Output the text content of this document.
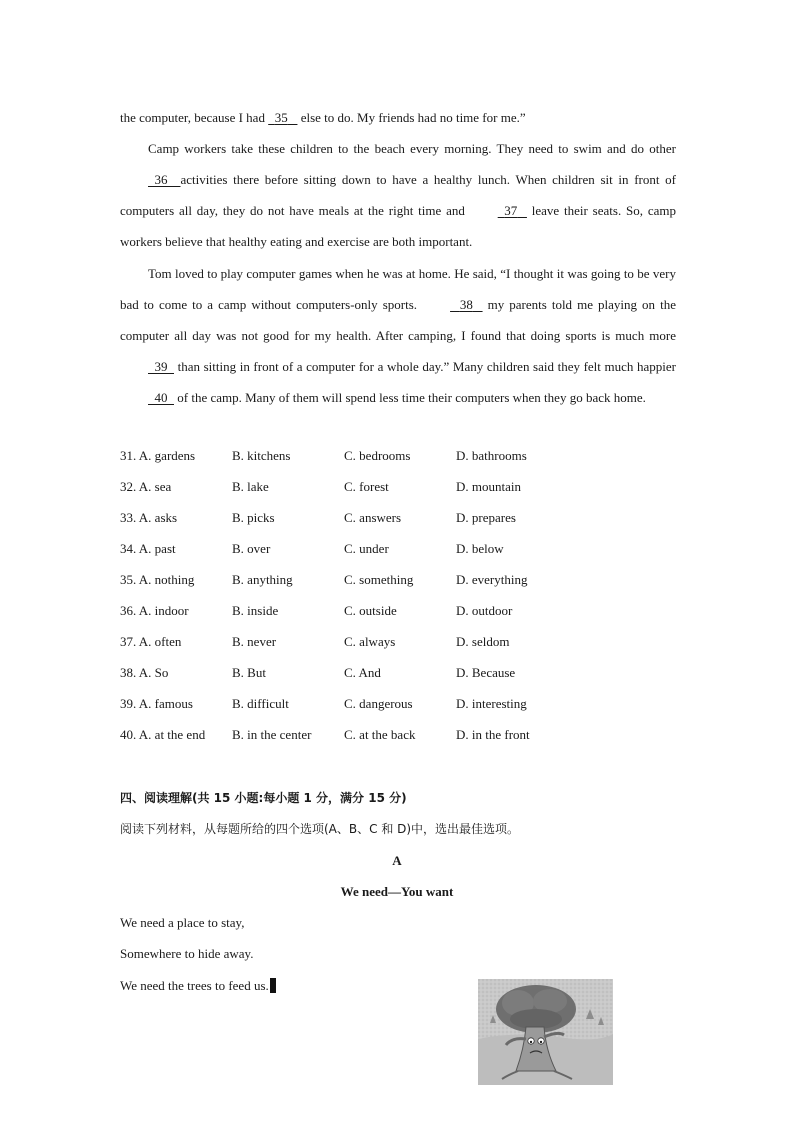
the computer, because I had   35    else to do. My friends had no time for me.”

Camp workers take these children to the beach every morning. They need to swim and do other   36 activities there before sitting down to have a healthy lunch. When children sit in front of computers all day, they do not have meals at the right time and	37    leave their seats. So, camp workers believe that healthy eating and exercise are both important.

Tom loved to play computer games when he was at home. He said, “I thought it was going to be very bad to come to a camp without computers-only sports.	38    my parents told me playing on the computer all day was not good for my health. After camping, I found that doing sports is much more   39   than sitting in front of a computer for a whole day.” Many children said they felt much happier   40   of the camp. Many of them will spend less time their computers when they go back home.

31. A. gardens	B. kitchens	C. bedrooms	D. bathrooms
32. A. sea	B. lake	C. forest	D. mountain
33. A. asks	B. picks	C. answers	D. prepares
34. A. past	B. over	C. under	D. below
35. A. nothing	B. anything	C. something	D. everything
36. A. indoor	B. inside	C. outside	D. outdoor
37. A. often	B. never	C. always	D. seldom
38. A. So	B. But	C. And	D. Because
39. A. famous	B. difficult	C. dangerous	D. interesting
40. A. at the end B. in the center	C. at the back	D. in the front
四、阅读理解(共 15 小题:每小题 1 分，满分 15 分)
阅读下列材料，从每题所给的四个选项(A、B、C 和 D)中，选出最佳选项。
A
We need—You want
We need a place to stay,
Somewhere to hide away.
We need the trees to feed us.
